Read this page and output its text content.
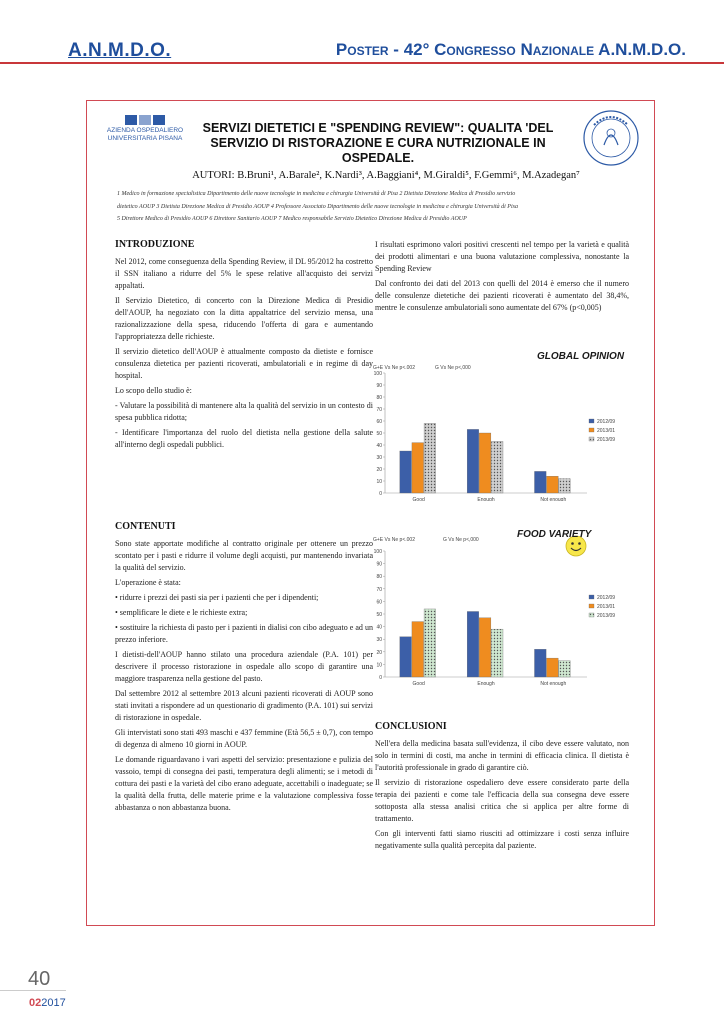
A.N.M.D.O.	Poster - 42° Congresso Nazionale A.N.M.D.O.
AZIENDA OSPEDALIERO
UNIVERSITARIA PISANA
SERVIZI DIETETICI E "SPENDING REVIEW": QUALITA 'DEL
SERVIZIO DI RISTORAZIONE E CURA NUTRIZIONALE IN
OSPEDALE.
AUTORI: B.Bruni¹, A.Barale², K.Nardi³, A.Baggiani⁴, M.Giraldi⁵, F.Gemmi⁶, M.Azadegan⁷
1 Medico in formazione specialistica Dipartimento delle nuove tecnologie in medicina e chirurgia Università di Pisa 2 Dietista Direzione Medica di Presidio servizio
dietetico AOUP 3 Dietista Direzione Medica di Presidio AOUP 4 Professore Associato Dipartimento delle nuove tecnologie in medicina e chirurgia Università di Pisa
5 Direttore Medico di Presidio AOUP 6 Direttore Sanitario AOUP 7 Medico responsabile Servizio Dietetico Direzione Medica di Presidio AOUP
INTRODUZIONE

Nel 2012, come conseguenza della Spending Review, il DL 95/2012 ha costretto il SSN italiano a ridurre del 5% le spese relative all'acquisto dei servizi appaltati.

Il Servizio Dietetico, di concerto con la Direzione Medica di Presidio dell'AOUP, ha negoziato con la ditta appaltatrice del servizio mensa, una razionalizzazione della spesa, riducendo l'offerta di gara e aumentando l'appropriatezza delle richieste.

Il servizio dietetico dell'AOUP è attualmente composto da dietiste e fornisce consulenza dietetica per pazienti ricoverati, ambulatoriali e in regime di day hospital.

Lo scopo dello studio è:

- Valutare la possibilità di mantenere alta la qualità del servizio in un contesto di spesa pubblica ridotta;

- Identificare l'importanza del ruolo del dietista nella gestione della salute all'interno degli ospedali pubblici.

I risultati esprimono valori positivi crescenti nel tempo per la varietà e qualità dei prodotti alimentari e una buona valutazione complessiva, nonostante la Spending Review

Dal confronto dei dati del 2013 con quelli del 2014 è emerso che il numero delle consulenze dietetiche dei pazienti ricoverati è aumentato del 38,4%, mentre le consulenze ambulatoriali sono aumentate del 67% (p<0,005)

CONTENUTI

Sono state apportate modifiche al contratto originale per ottenere un prezzo scontato per i pasti e ridurre il volume degli acquisti, pur mantenendo invariata la qualità del servizio.

L'operazione è stata:

• ridurre i prezzi dei pasti sia per i pazienti che per i dipendenti;

• semplificare le diete e le richieste extra;

• sostituire la richiesta di pasto per i pazienti in dialisi con cibo adeguato e ad un prezzo inferiore.

I dietisti-dell'AOUP hanno stilato una procedura aziendale (P.A. 101) per descrivere il processo ristorazione in ospedale allo scopo di garantire una maggiore trasparenza nella gestione del pasto.

Dal settembre 2012 al settembre 2013 alcuni pazienti ricoverati di AOUP sono stati invitati a rispondere ad un questionario di gradimento (P.A. 101) sui servizi di ristorazione in ospedale.

Gli intervistati sono stati 493 maschi e 437 femmine (Età 56,5 ± 0,7), con tempo di degenza di almeno 10 giorni in AOUP.

Le domande riguardavano i vari aspetti del servizio: presentazione e pulizia del vassoio, tempi di consegna dei pasti, temperatura degli alimenti; se i metodi di cottura dei pasti e la varietà del cibo erano adeguate, accettabili o inadeguate; se la qualità della frutta, delle materie prime e la valutazione complessiva fosse abbastanza o non abbastanza buona.

CONCLUSIONI

Nell'era della medicina basata sull'evidenza, il cibo deve essere valutato, non solo in termini di costi, ma anche in termini di efficacia clinica. Il dietista è l'autorità professionale in grado di garantire ciò.

Il servizio di ristorazione ospedaliero deve essere considerato parte della terapia dei pazienti e come tale l'efficacia della sua consegna deve essere sottoposta alla stessa analisi critica che si applica per altre forme di trattamento.

Con gli interventi fatti siamo riusciti ad ottimizzare i costi senza influire negativamente sulla qualità percepita dal paziente.

GLOBAL OPINION
G+E Vs Ne p<.002	G Vs Ne p<,000
0
10
20
30
40
50
60
70
80
90
100
Good	Enough	Not enough
2012/09
2013/01
2013/09
FOOD VARIETY
G+E Vs Ne p<.002	G Vs Ne p<,000
0
10
20
30
40
50
60
70
80
90
100
Good	Enough	Not enough
2012/09
2013/01
2013/09
40
022017
